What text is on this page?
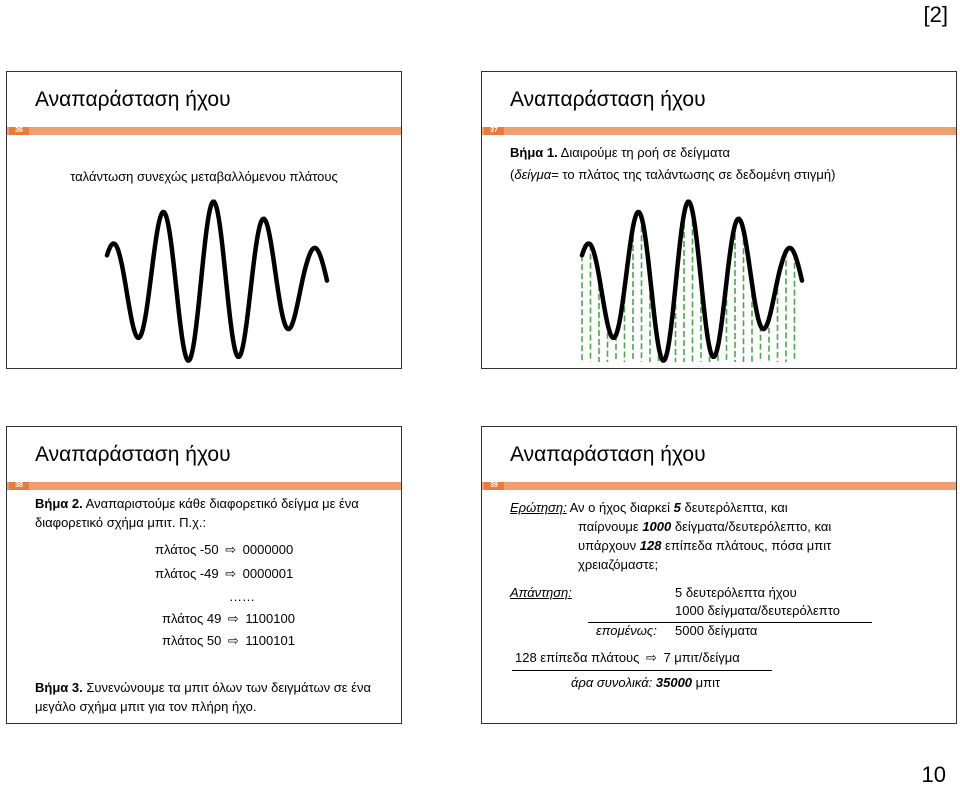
[2]
Αναπαράσταση ήχου
36
ταλάντωση συνεχώς μεταβαλλόμενου πλάτους
Αναπαράσταση ήχου
37
Βήμα 1. Διαιρούμε τη ροή σε δείγματα
(δείγμα= το πλάτος της ταλάντωσης σε δεδομένη στιγμή)
Αναπαράσταση ήχου
38
Βήμα 2. Αναπαριστούμε κάθε διαφορετικό δείγμα με ένα διαφορετικό σχήμα μπιτ. Π.χ.:
πλάτος -50 ⇨ 0000000
πλάτος -49 ⇨ 0000001
……
πλάτος 49 ⇨ 1100100
πλάτος 50 ⇨ 1100101
Βήμα 3. Συνενώνουμε τα μπιτ όλων των δειγμάτων σε ένα μεγάλο σχήμα μπιτ για τον πλήρη ήχο.
Αναπαράσταση ήχου
39
Ερώτηση: Αν ο ήχος διαρκεί 5 δευτερόλεπτα, και
παίρνουμε 1000 δείγματα/δευτερόλεπτο, και
υπάρχουν 128 επίπεδα πλάτους, πόσα μπιτ
χρειαζόμαστε;
Απάντηση:	5 δευτερόλεπτα ήχου
1000 δείγματα/δευτερόλεπτο
επομένως: 5000 δείγματα
128 επίπεδα πλάτους ⇨ 7 μπιτ/δείγμα
άρα συνολικά: 35000 μπιτ
10
